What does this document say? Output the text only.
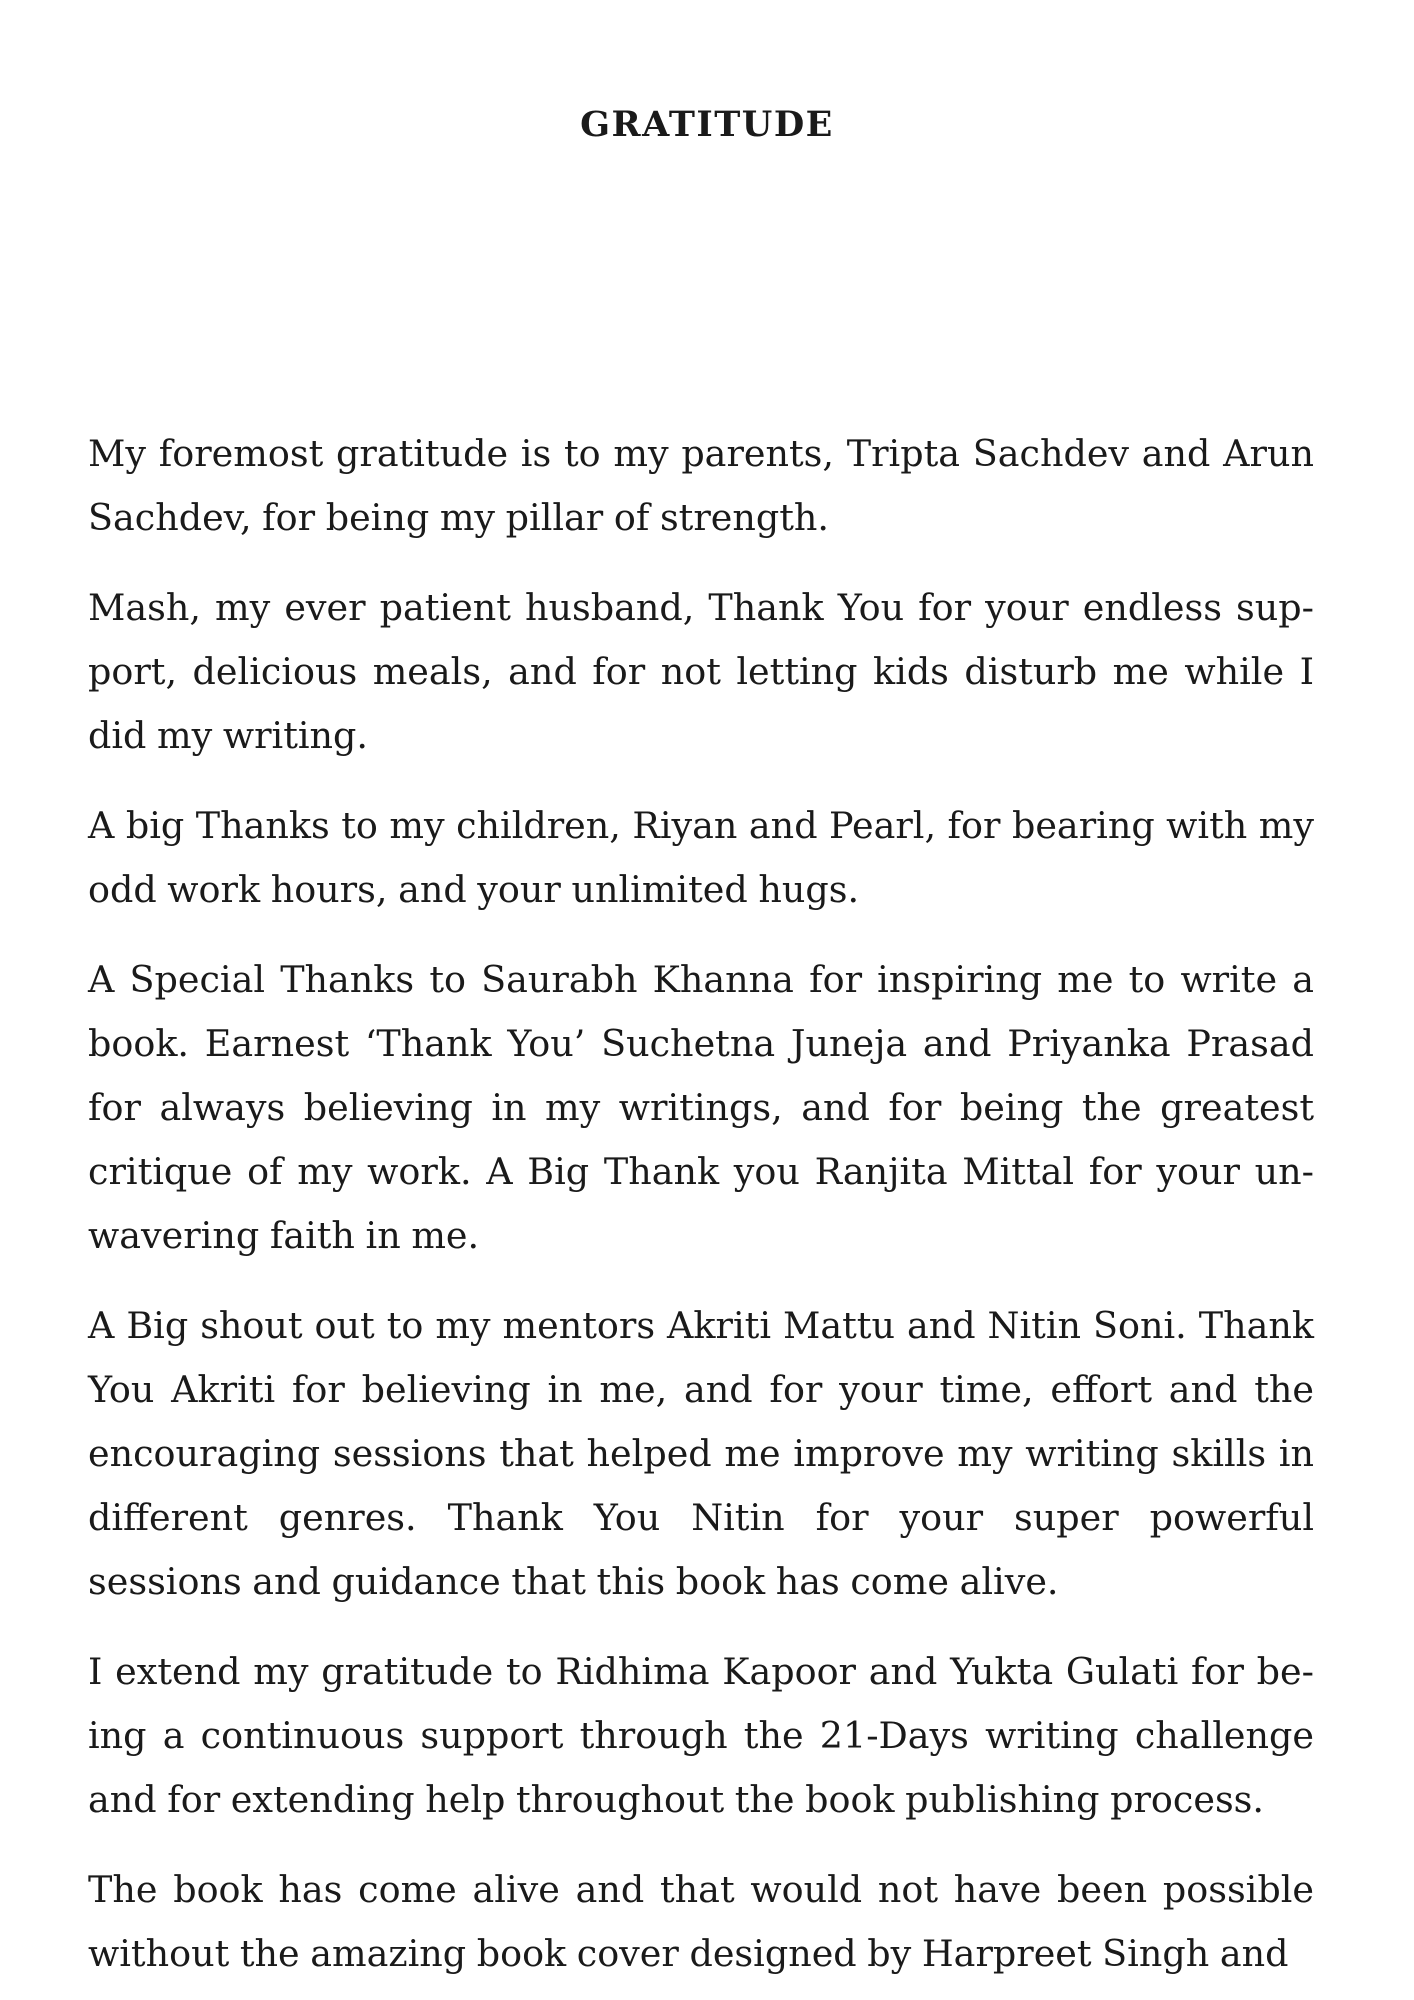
GRATITUDE

My foremost gratitude is to my parents, Tripta Sachdev and Arun Sachdev, for being my pillar of strength.

Mash, my ever patient husband, Thank You for your endless support, delicious meals, and for not letting kids disturb me while I did my writing.

A big Thanks to my children, Riyan and Pearl, for bearing with my odd work hours, and your unlimited hugs.

A Special Thanks to Saurabh Khanna for inspiring me to write a book. Earnest ‘Thank You’ Suchetna Juneja and Priyanka Prasad for always believing in my writings, and for being the greatest critique of my work. A Big Thank you Ranjita Mittal for your unwavering faith in me.

A Big shout out to my mentors Akriti Mattu and Nitin Soni. Thank You Akriti for believing in me, and for your time, effort and the encouraging sessions that helped me improve my writing skills in different genres. Thank You Nitin for your super powerful sessions and guidance that this book has come alive.

I extend my gratitude to Ridhima Kapoor and Yukta Gulati for being a continuous support through the 21-Days writing challenge and for extending help throughout the book publishing process.

The book has come alive and that would not have been possible without the amazing book cover designed by Harpreet Singh and
